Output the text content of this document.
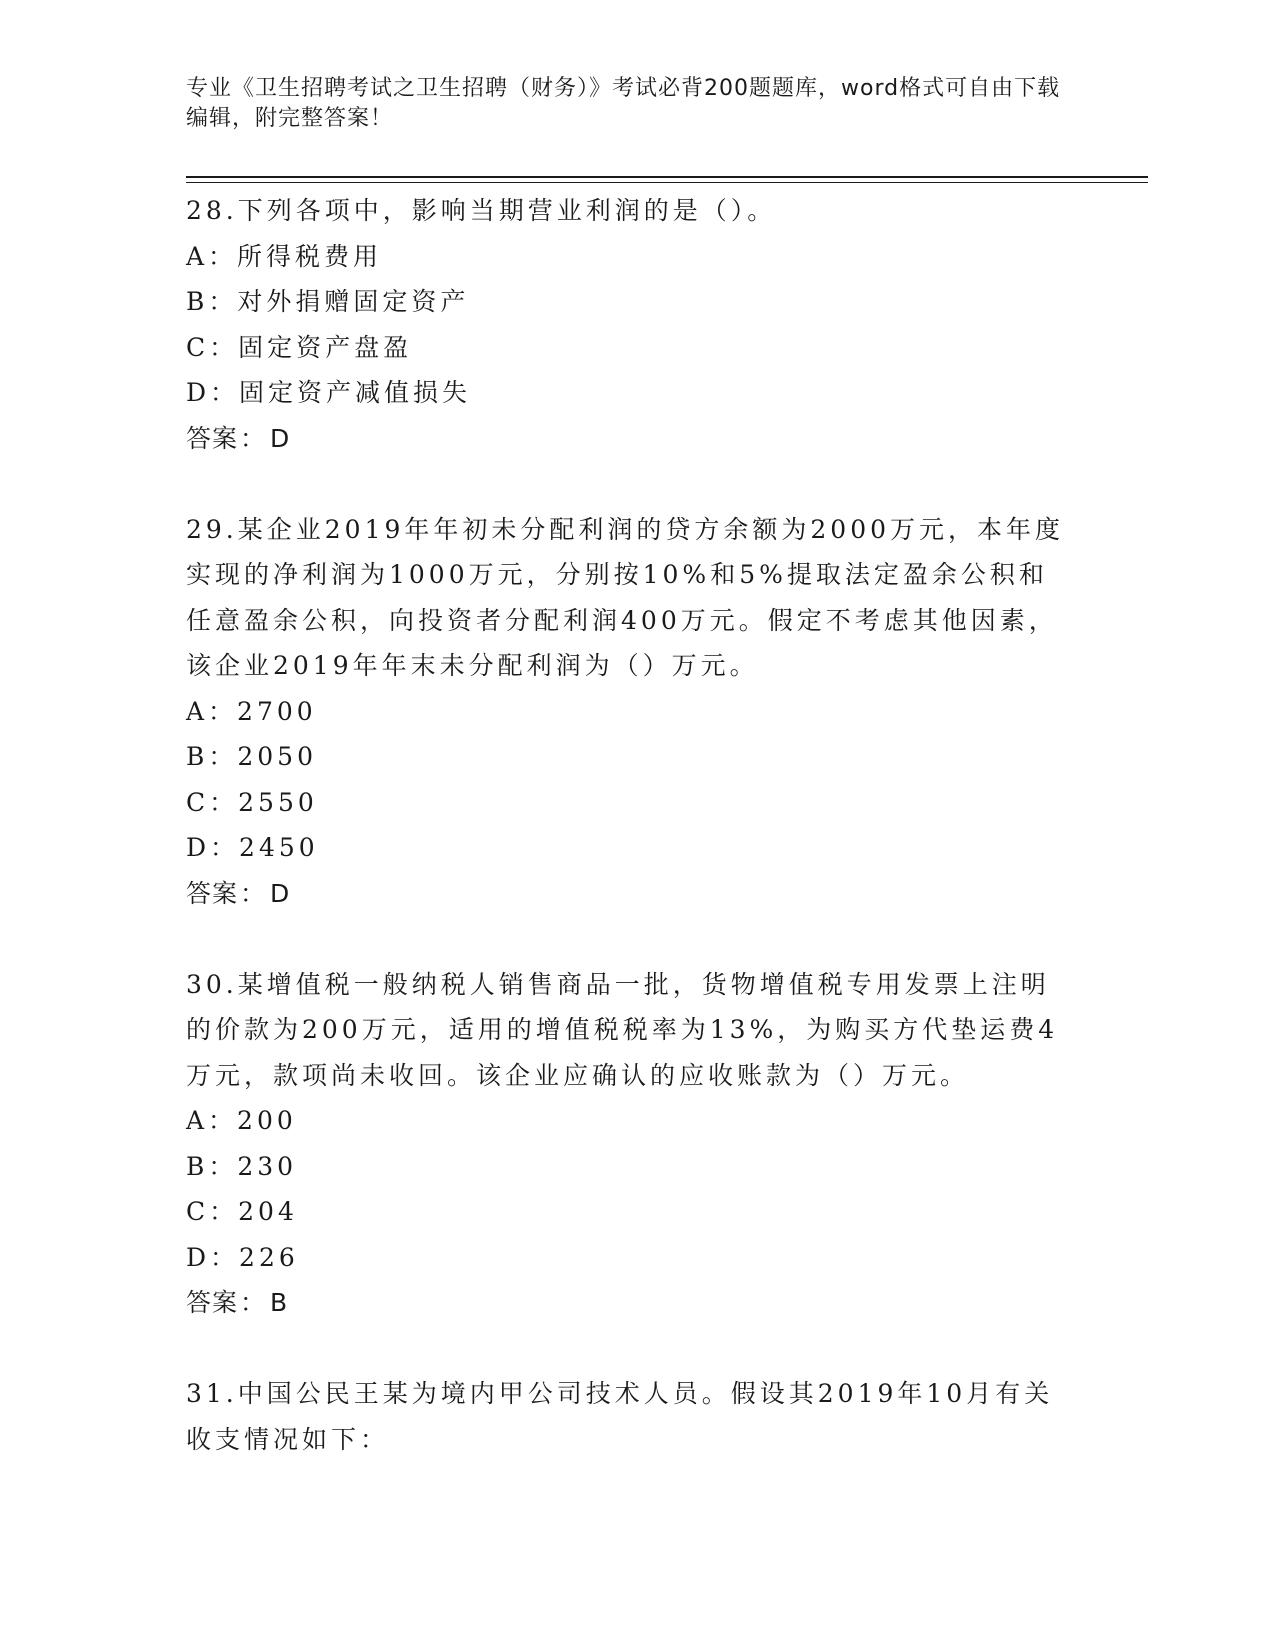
专业《卫生招聘考试之卫生招聘（财务）》考试必背200题题库，word格式可自由下载编辑，附完整答案！

28.下列各项中，影响当期营业利润的是（）。

A：所得税费用

B：对外捐赠固定资产

C：固定资产盘盈

D：固定资产减值损失

答案： D

29.某企业2019年年初未分配利润的贷方余额为2000万元，本年度实现的净利润为1000万元，分别按10%和5%提取法定盈余公积和任意盈余公积，向投资者分配利润400万元。假定不考虑其他因素，该企业2019年年末未分配利润为（）万元。

A：2700

B：2050

C：2550

D：2450

答案： D

30.某增值税一般纳税人销售商品一批，货物增值税专用发票上注明的价款为200万元，适用的增值税税率为13%，为购买方代垫运费4万元，款项尚未收回。该企业应确认的应收账款为（）万元。

A：200

B：230

C：204

D：226

答案： B

31.中国公民王某为境内甲公司技术人员。假设其2019年10月有关收支情况如下：
